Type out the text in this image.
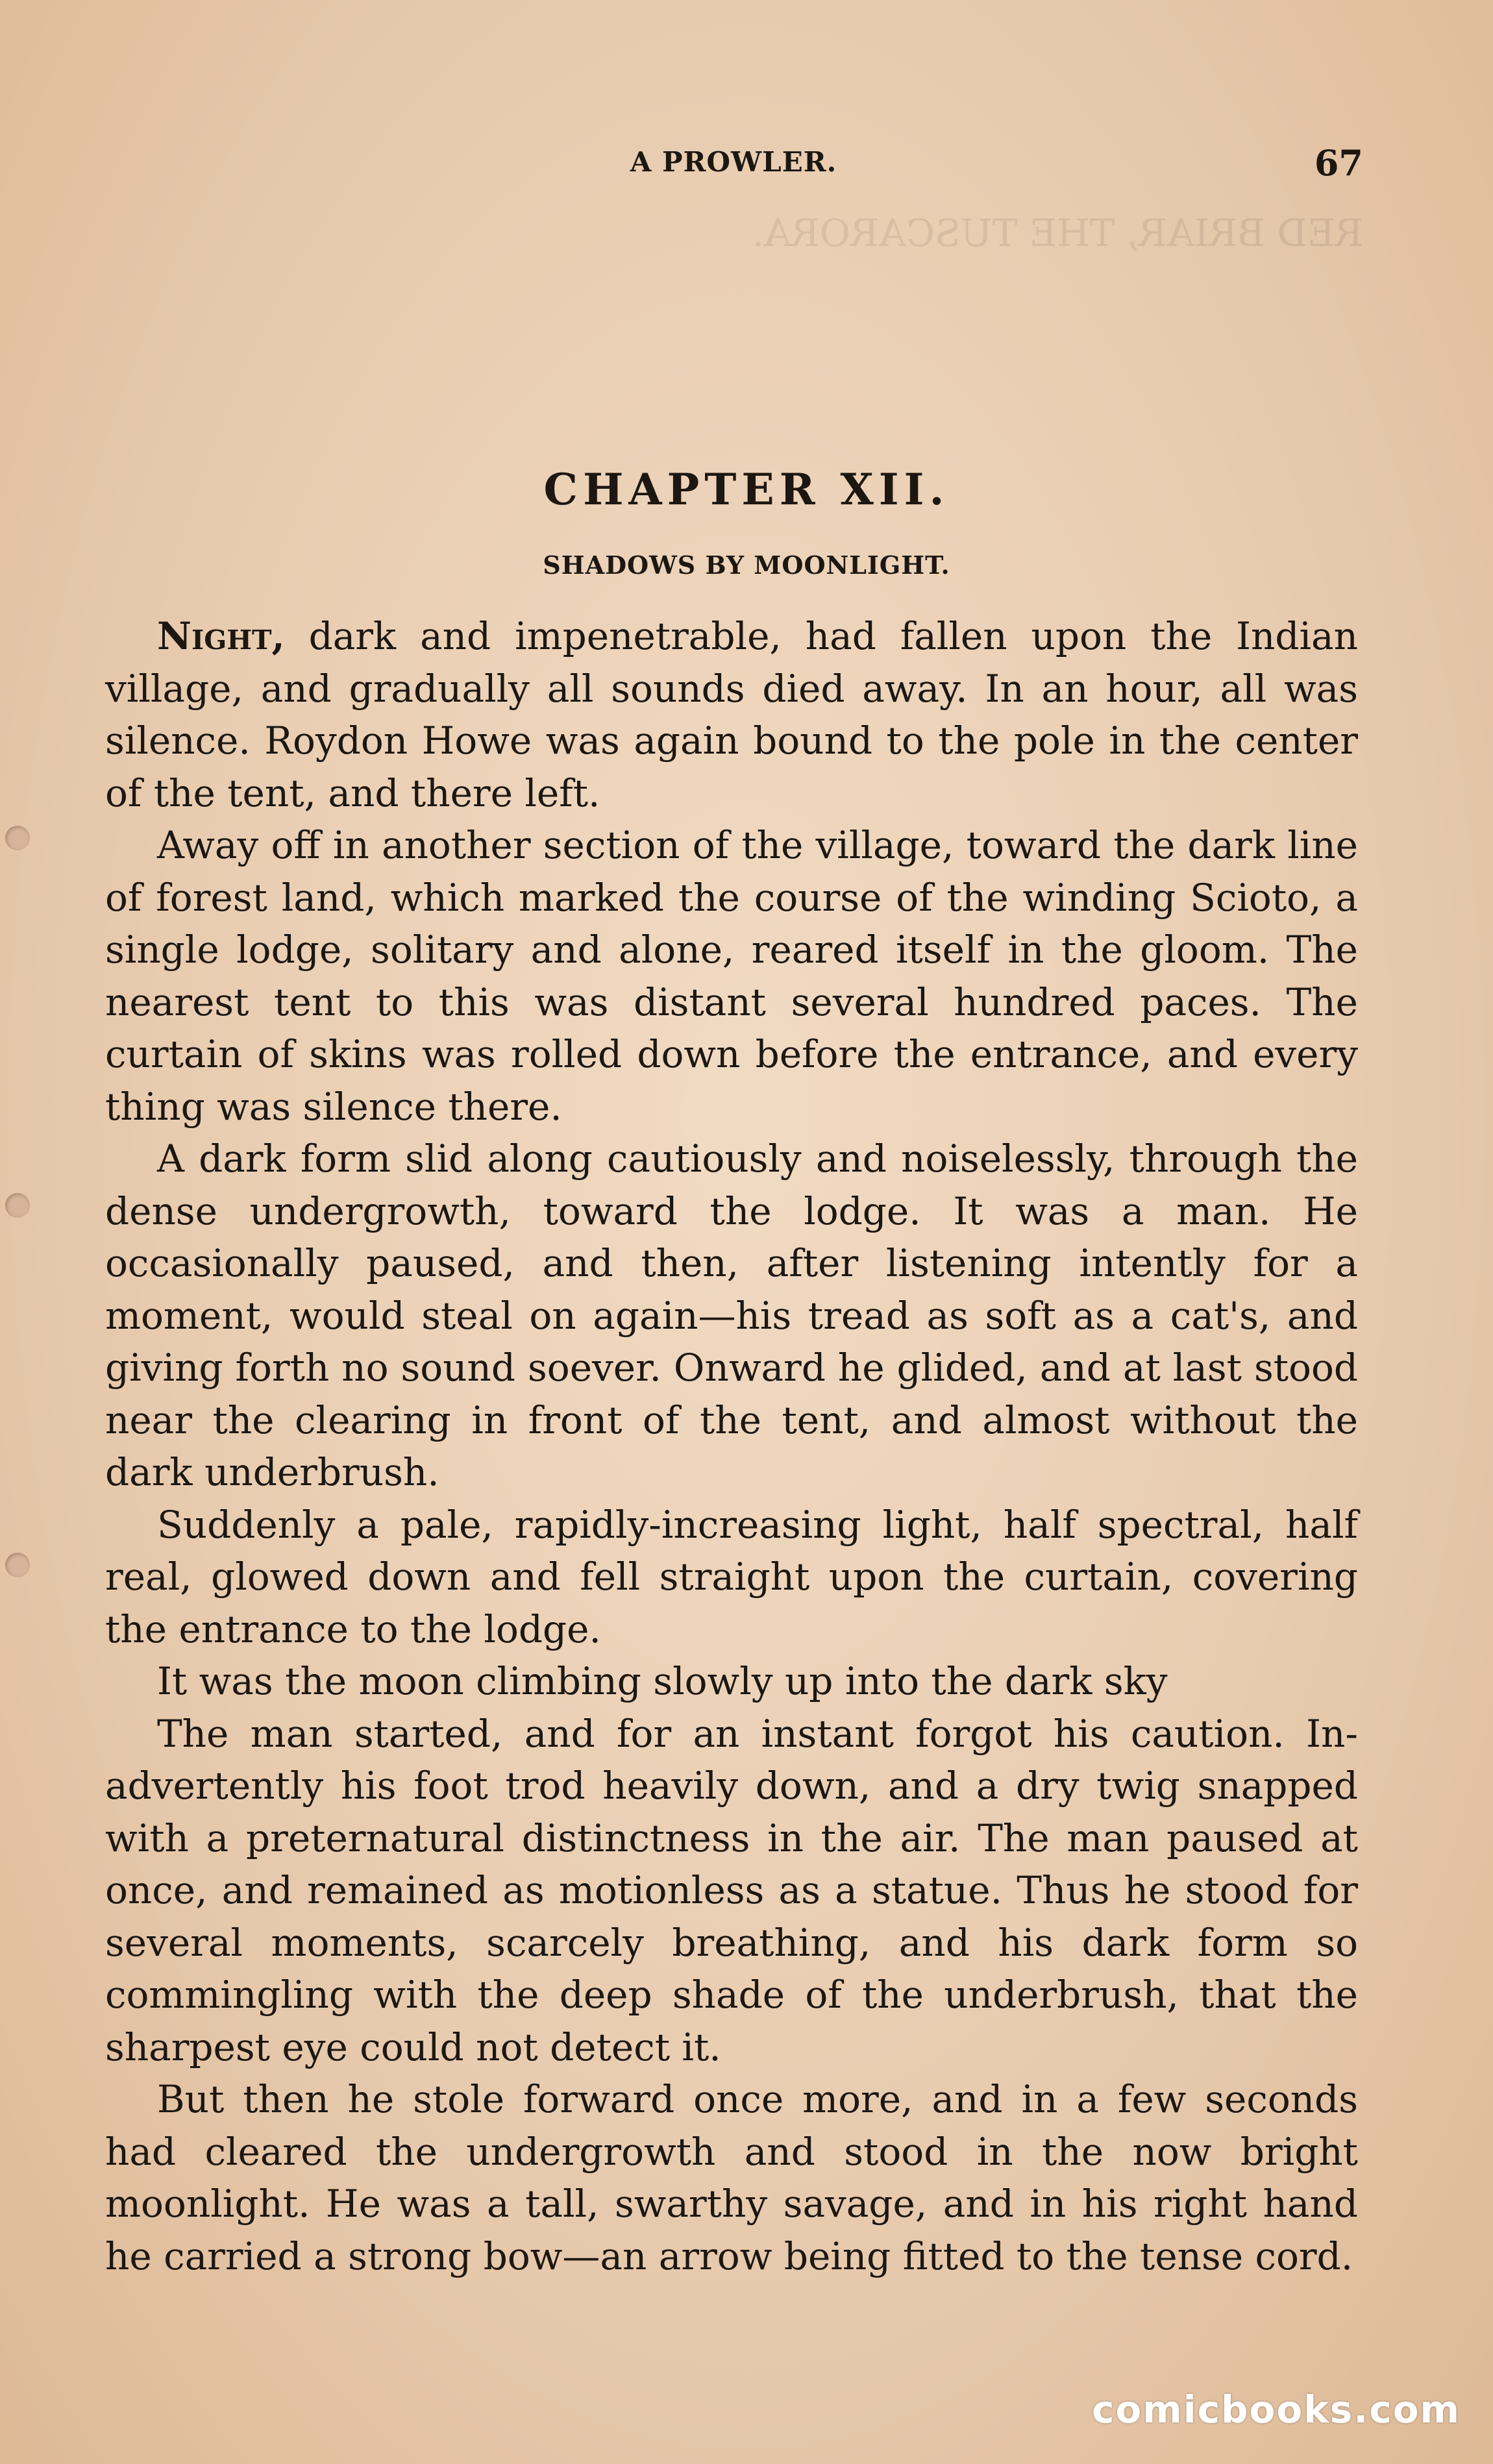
RED BRIAR, THE TUSCARORA.
A PROWLER.	67
CHAPTER XII.
SHADOWS BY MOONLIGHT.

Night, dark and impenetrable, had fallen upon the Indian village, and gradually all sounds died away. In an hour, all was silence. Roydon Howe was again bound to the pole in the center of the tent, and there left.

Away off in another section of the village, toward the dark line of forest land, which marked the course of the winding Scioto, a single lodge, solitary and alone, reared itself in the gloom. The nearest tent to this was distant several hundred paces. The curtain of skins was rolled down before the entrance, and every thing was silence there.

A dark form slid along cautiously and noiselessly, through the dense undergrowth, toward the lodge. It was a man. He occasionally paused, and then, after listening intently for a moment, would steal on again—his tread as soft as a cat's, and giving forth no sound soever. Onward he glided, and at last stood near the clearing in front of the tent, and almost without the dark underbrush.

Suddenly a pale, rapidly-increasing light, half spectral, half real, glowed down and fell straight upon the curtain, covering the entrance to the lodge.

It was the moon climbing slowly up into the dark sky

The man started, and for an instant forgot his caution. Inadvertently his foot trod heavily down, and a dry twig snapped with a preternatural distinctness in the air. The man paused at once, and remained as motionless as a statue. Thus he stood for several moments, scarcely breathing, and his dark form so commingling with the deep shade of the underbrush, that the sharpest eye could not detect it.

But then he stole forward once more, and in a few seconds had cleared the undergrowth and stood in the now bright moonlight. He was a tall, swarthy savage, and in his right hand he carried a strong bow—an arrow being fitted to the tense cord.

comicbooks.com
